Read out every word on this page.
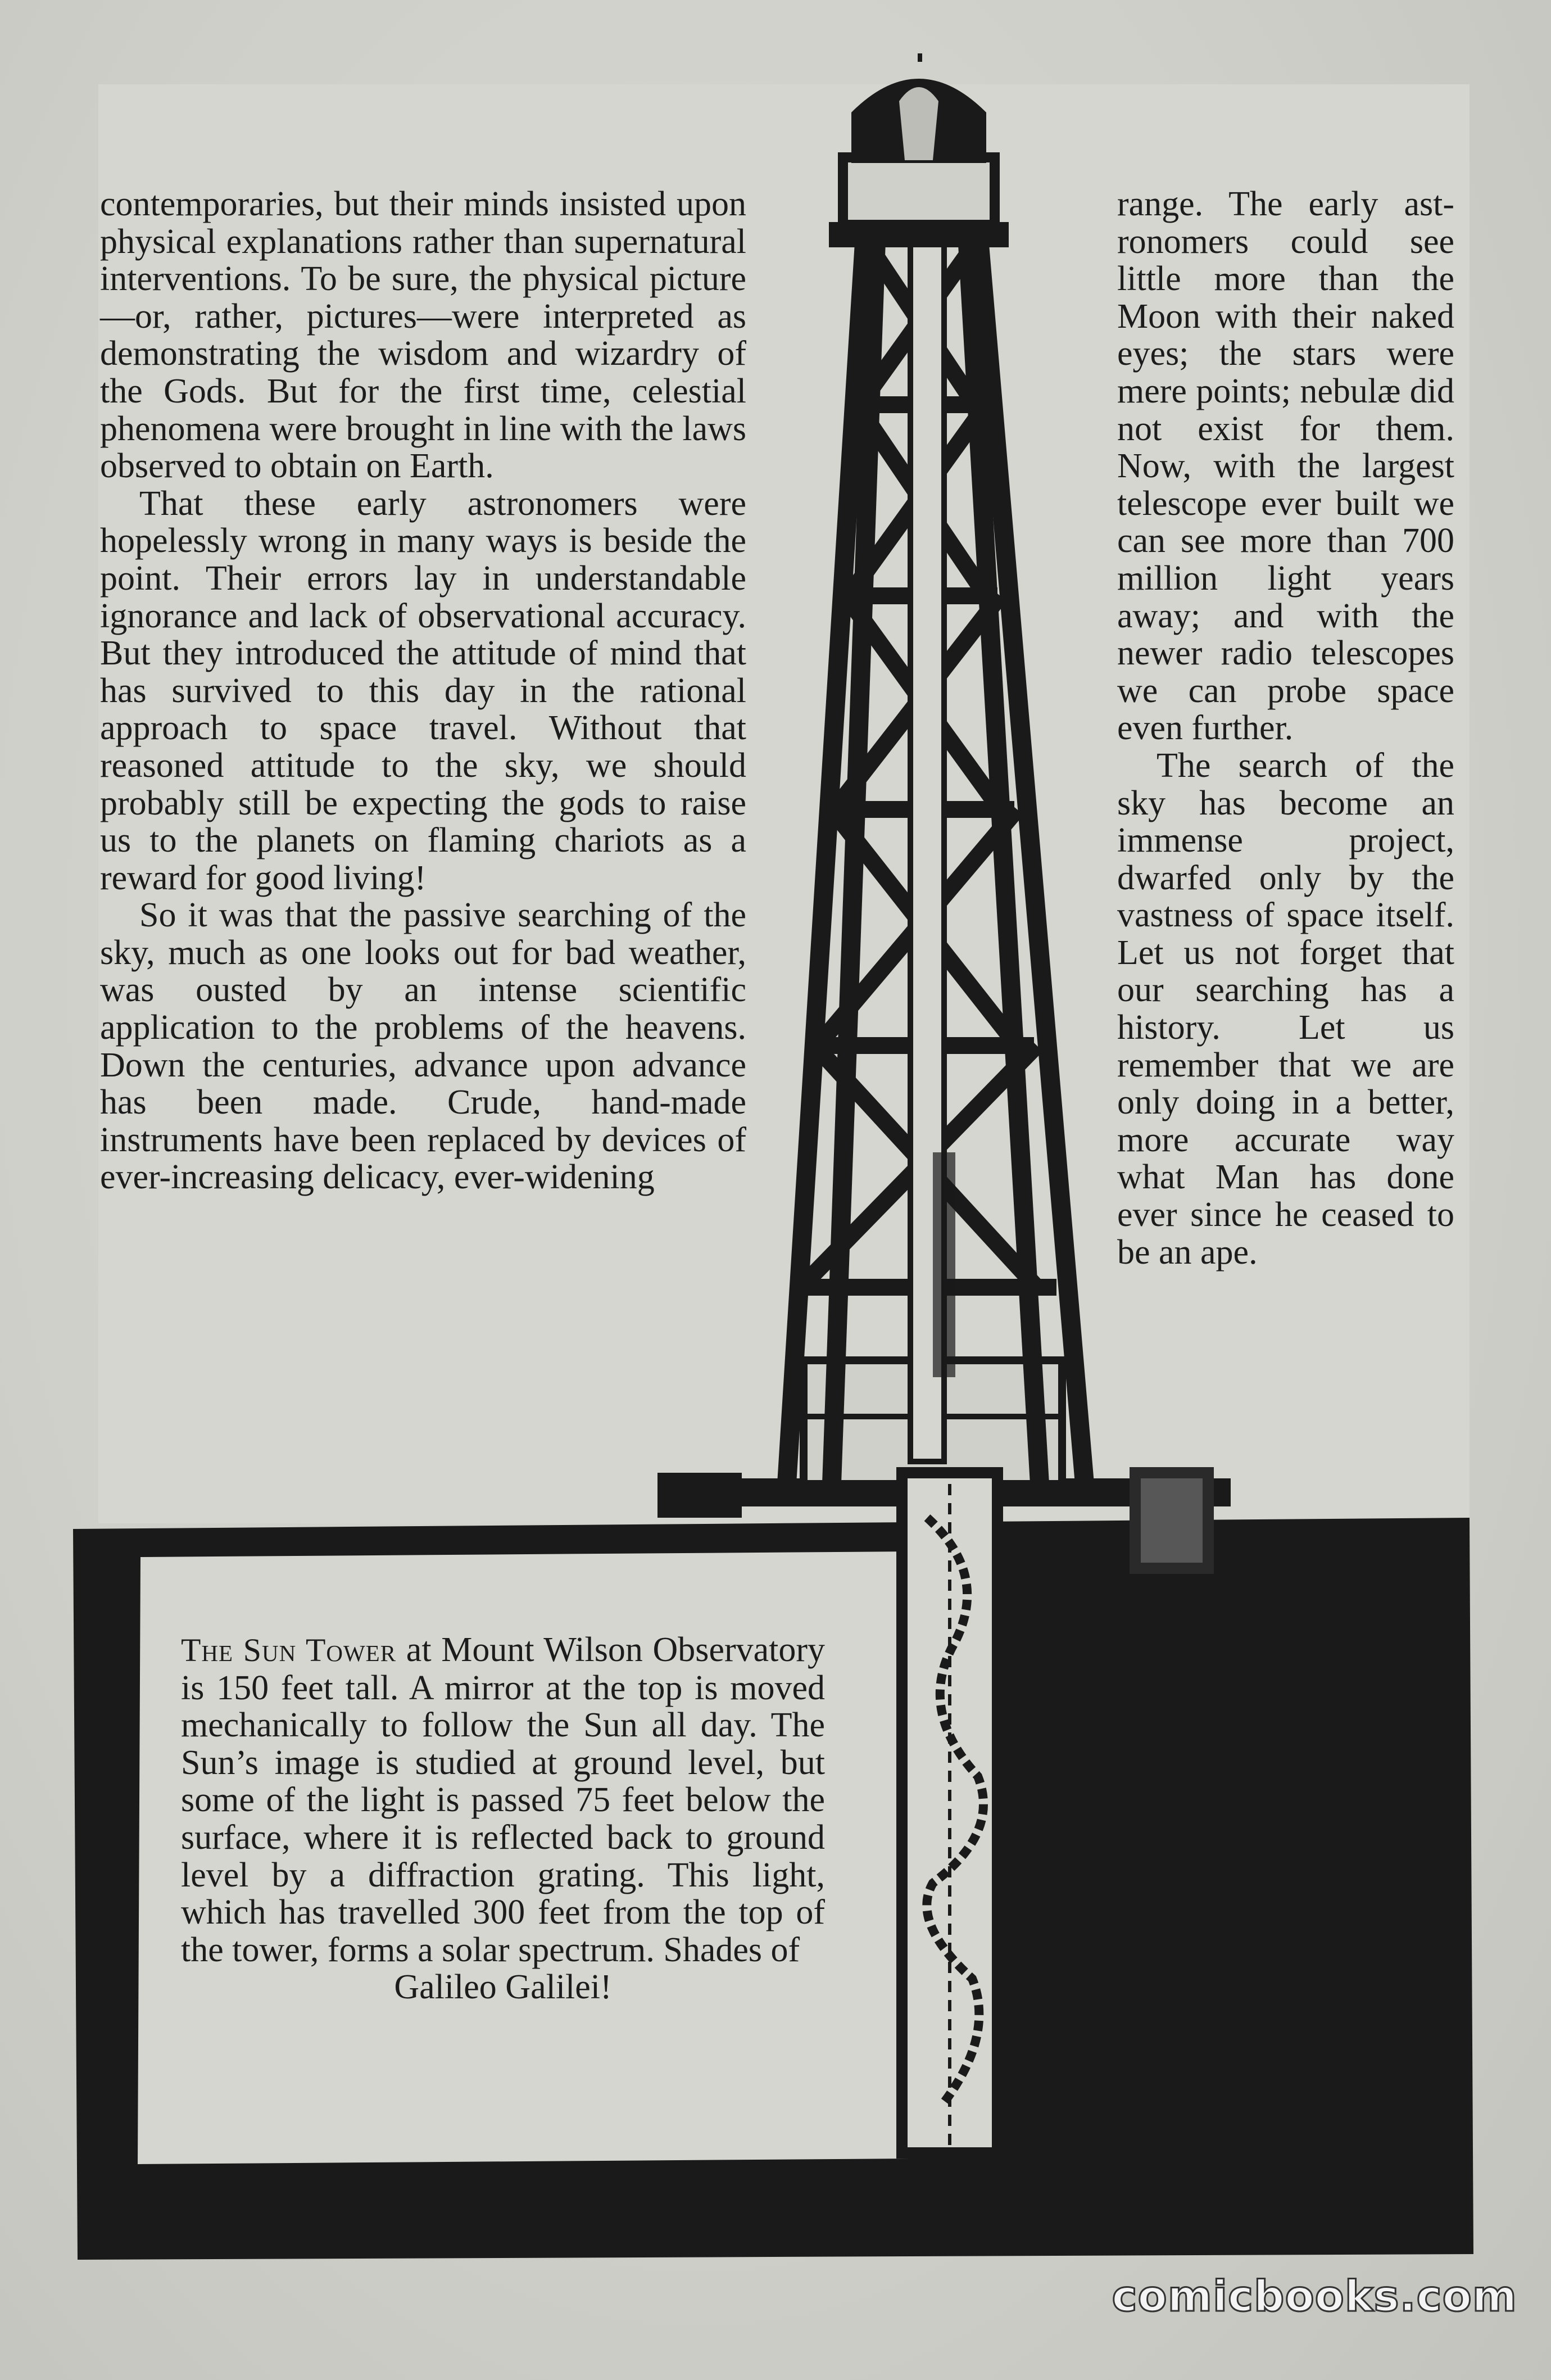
contemporaries, but their minds insisted upon physical explanations rather than supernatural interventions. To be sure, the physical picture—or, rather, pictures—were interpreted as demonstrating the wisdom and wizardry of the Gods. But for the first time, celestial phenomena were brought in line with the laws observed to obtain on Earth.

That these early astronomers were hopelessly wrong in many ways is beside the point. Their errors lay in understandable ignorance and lack of observational accuracy. But they introduced the attitude of mind that has survived to this day in the rational approach to space travel. Without that reasoned attitude to the sky, we should probably still be expecting the gods to raise us to the planets on flaming chariots as a reward for good living!

So it was that the passive searching of the sky, much as one looks out for bad weather, was ousted by an intense scientific application to the problems of the heavens. Down the centuries, advance upon advance has been made. Crude, hand-made instruments have been replaced by devices of ever-increasing delicacy, ever-widening

range. The early astronomers could see little more than the Moon with their naked eyes; the stars were mere points; nebulæ did not exist for them. Now, with the largest telescope ever built we can see more than 700 million light years away; and with the newer radio telescopes we can probe space even further.

The search of the sky has become an immense project, dwarfed only by the vastness of space itself. Let us not forget that our searching has a history. Let us remember that we are only doing in a better, more accurate way what Man has done ever since he ceased to be an ape.

The Sun Tower at Mount Wilson Observatory is 150 feet tall. A mirror at the top is moved mechanically to follow the Sun all day. The Sun’s image is studied at ground level, but some of the light is passed 75 feet below the surface, where it is reflected back to ground level by a diffraction grating. This light, which has travelled 300 feet from the top of the tower, forms a solar spectrum. Shades of
Galileo Galilei!
comicbooks.com
